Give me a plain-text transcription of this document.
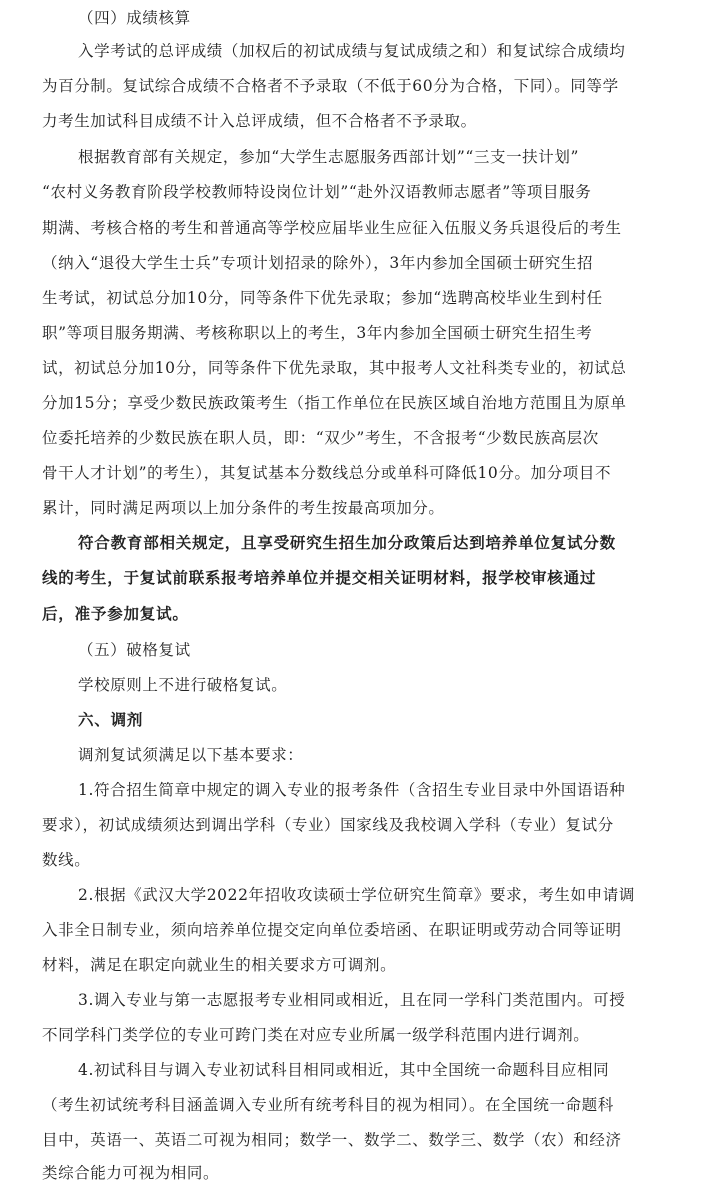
（四）成绩核算
入学考试的总评成绩（加权后的初试成绩与复试成绩之和）和复试综合成绩均
为百分制。复试综合成绩不合格者不予录取（不低于60分为合格，下同）。同等学
力考生加试科目成绩不计入总评成绩，但不合格者不予录取。
根据教育部有关规定，参加“大学生志愿服务西部计划”“三支一扶计划”
“农村义务教育阶段学校教师特设岗位计划”“赴外汉语教师志愿者”等项目服务
期满、考核合格的考生和普通高等学校应届毕业生应征入伍服义务兵退役后的考生
（纳入“退役大学生士兵”专项计划招录的除外），3年内参加全国硕士研究生招
生考试，初试总分加10分，同等条件下优先录取；参加“选聘高校毕业生到村任
职”等项目服务期满、考核称职以上的考生，3年内参加全国硕士研究生招生考
试，初试总分加10分，同等条件下优先录取，其中报考人文社科类专业的，初试总
分加15分；享受少数民族政策考生（指工作单位在民族区域自治地方范围且为原单
位委托培养的少数民族在职人员，即：“双少”考生，不含报考“少数民族高层次
骨干人才计划”的考生），其复试基本分数线总分或单科可降低10分。加分项目不
累计，同时满足两项以上加分条件的考生按最高项加分。
符合教育部相关规定，且享受研究生招生加分政策后达到培养单位复试分数
线的考生，于复试前联系报考培养单位并提交相关证明材料，报学校审核通过
后，准予参加复试。
（五）破格复试
学校原则上不进行破格复试。
六、调剂
调剂复试须满足以下基本要求：
1.符合招生简章中规定的调入专业的报考条件（含招生专业目录中外国语语种
要求），初试成绩须达到调出学科（专业）国家线及我校调入学科（专业）复试分
数线。
2.根据《武汉大学2022年招收攻读硕士学位研究生简章》要求，考生如申请调
入非全日制专业，须向培养单位提交定向单位委培函、在职证明或劳动合同等证明
材料，满足在职定向就业生的相关要求方可调剂。
3.调入专业与第一志愿报考专业相同或相近，且在同一学科门类范围内。可授
不同学科门类学位的专业可跨门类在对应专业所属一级学科范围内进行调剂。
4.初试科目与调入专业初试科目相同或相近，其中全国统一命题科目应相同
（考生初试统考科目涵盖调入专业所有统考科目的视为相同）。在全国统一命题科
目中，英语一、英语二可视为相同；数学一、数学二、数学三、数学（农）和经济
类综合能力可视为相同。
